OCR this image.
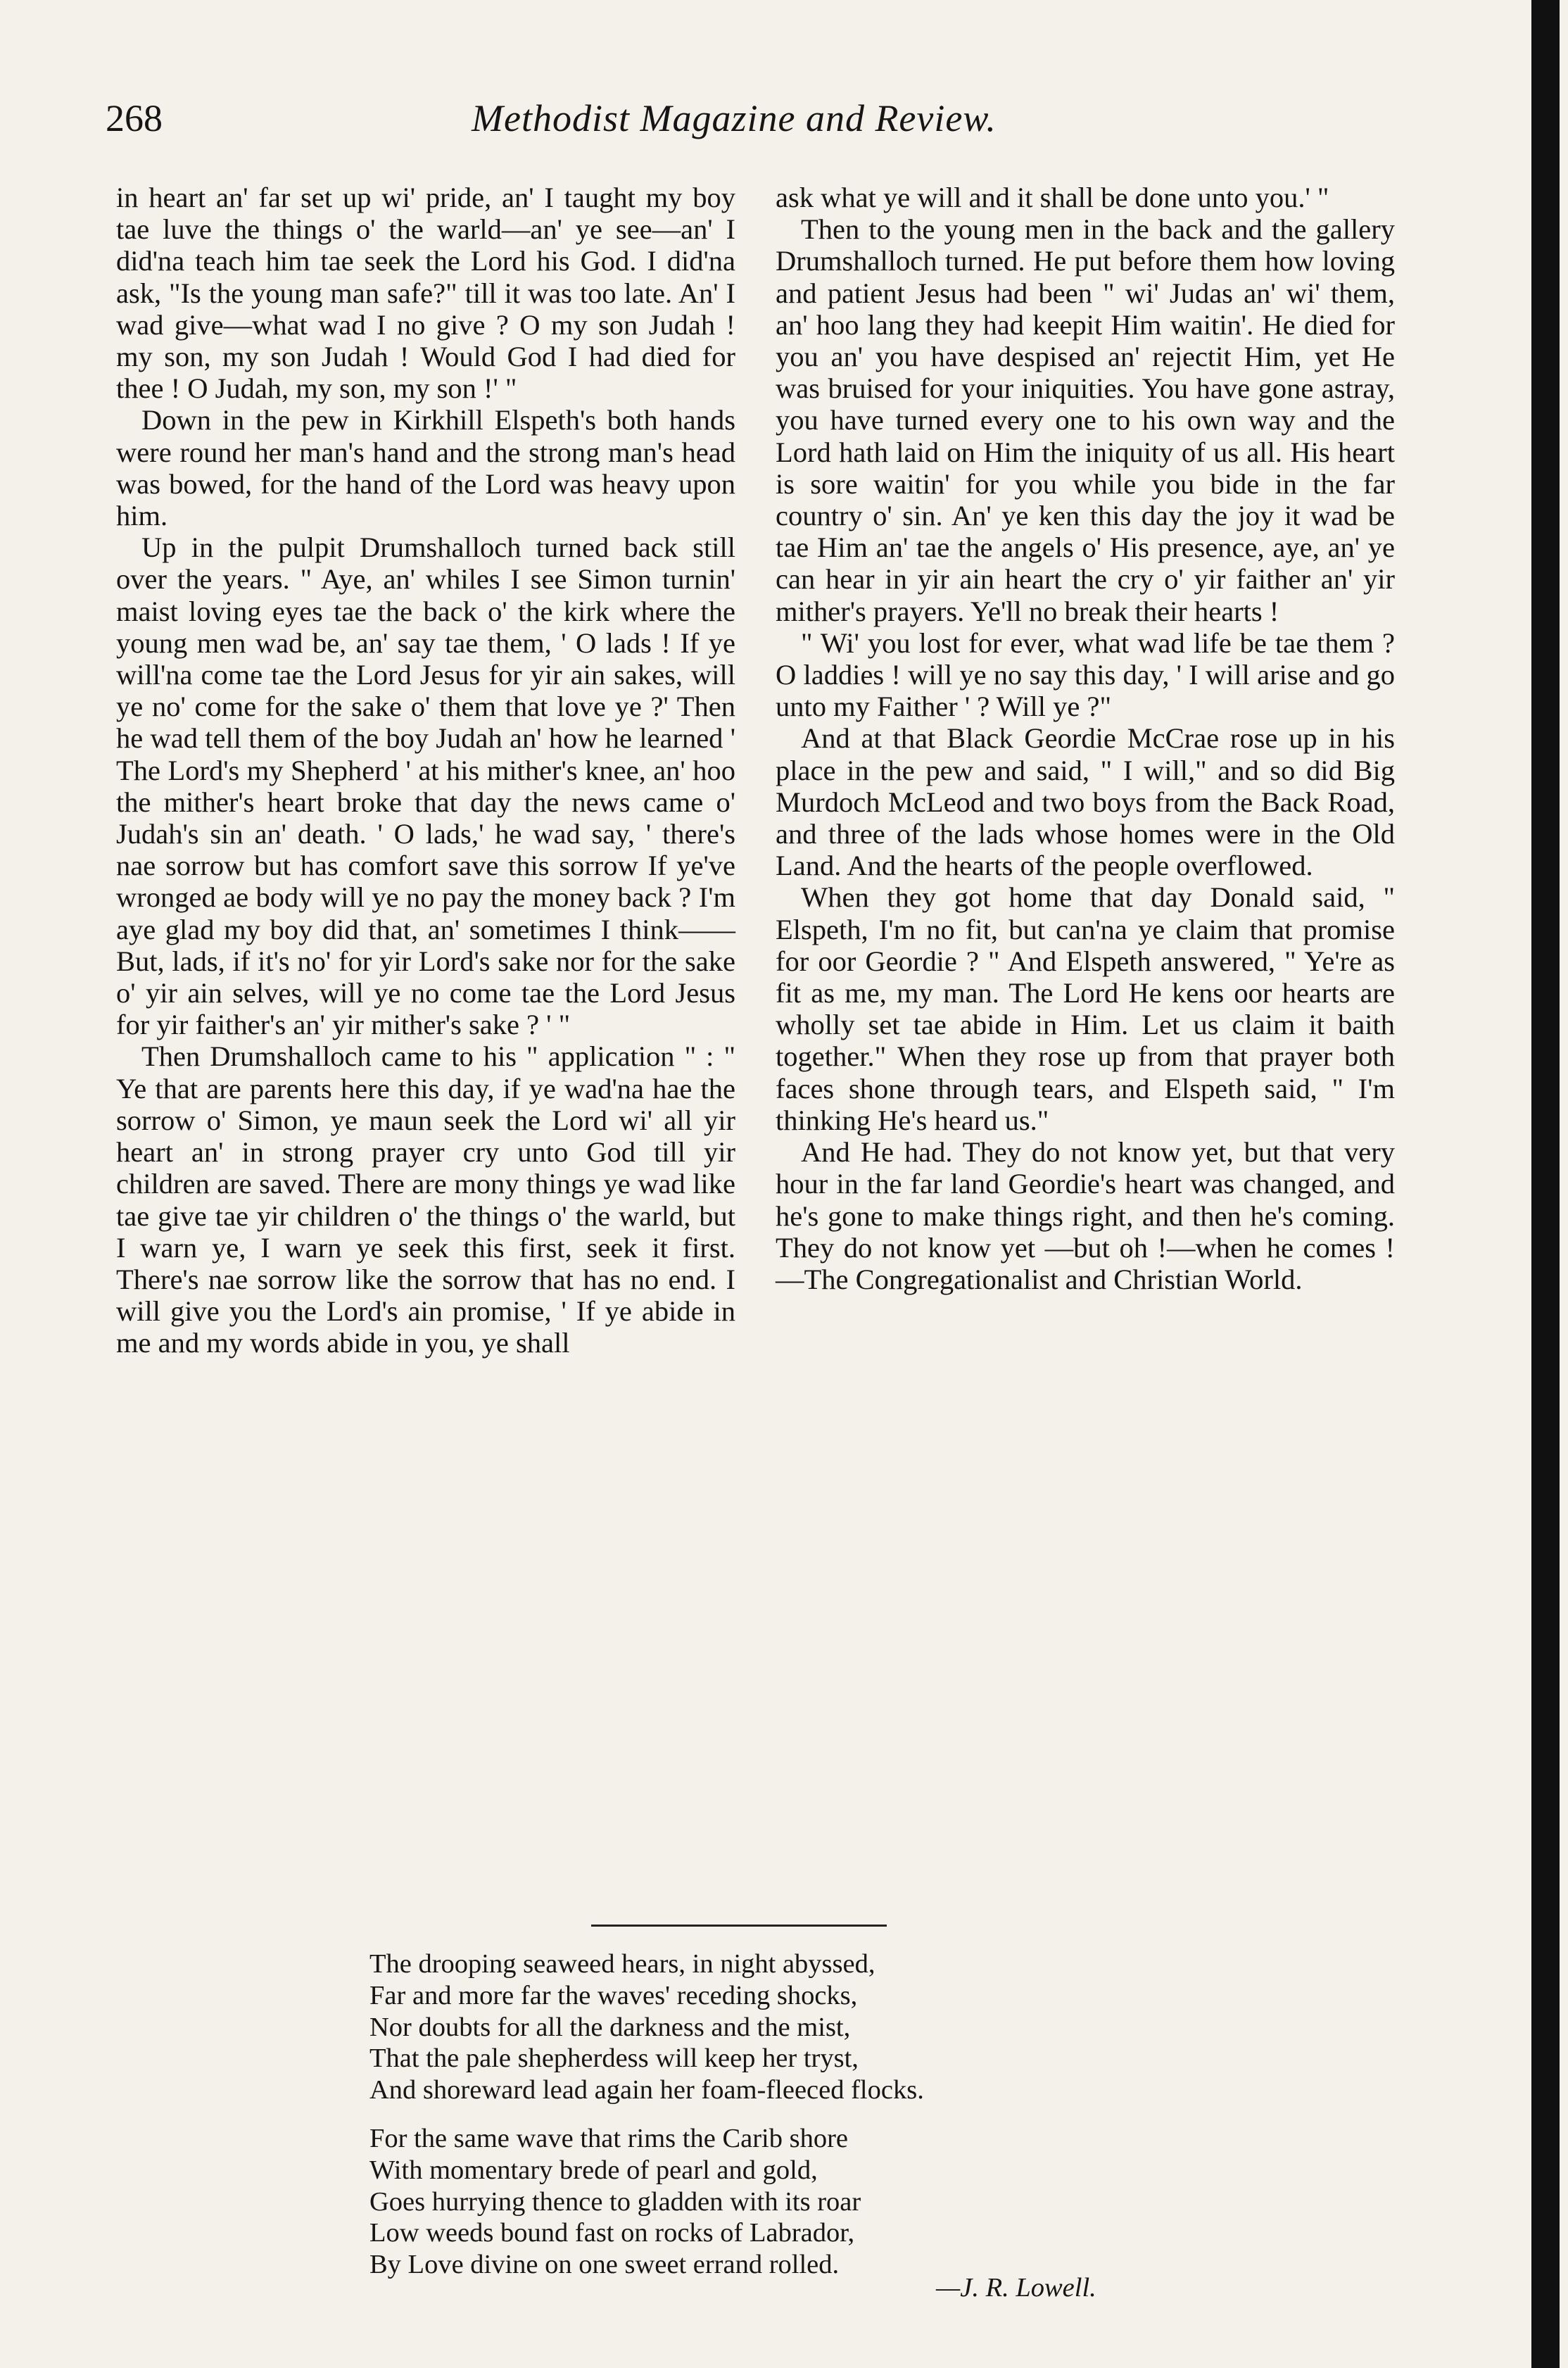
268	Methodist Magazine and Review.

in heart an' far set up wi' pride, an' I taught my boy tae luve the things o' the warld—an' ye see—an' I did'na teach him tae seek the Lord his God. I did'na ask, "Is the young man safe?" till it was too late. An' I wad give—what wad I no give ? O my son Judah ! my son, my son Judah ! Would God I had died for thee ! O Judah, my son, my son !' "

Down in the pew in Kirkhill Elspeth's both hands were round her man's hand and the strong man's head was bowed, for the hand of the Lord was heavy upon him.

Up in the pulpit Drumshalloch turned back still over the years. " Aye, an' whiles I see Simon turnin' maist loving eyes tae the back o' the kirk where the young men wad be, an' say tae them, ' O lads ! If ye will'na come tae the Lord Jesus for yir ain sakes, will ye no' come for the sake o' them that love ye ?' Then he wad tell them of the boy Judah an' how he learned ' The Lord's my Shepherd ' at his mither's knee, an' hoo the mither's heart broke that day the news came o' Judah's sin an' death. ' O lads,' he wad say, ' there's nae sorrow but has comfort save this sorrow If ye've wronged ae body will ye no pay the money back ? I'm aye glad my boy did that, an' sometimes I think——But, lads, if it's no' for yir Lord's sake nor for the sake o' yir ain selves, will ye no come tae the Lord Jesus for yir faither's an' yir mither's sake ? ' "

Then Drumshalloch came to his " application " : " Ye that are parents here this day, if ye wad'na hae the sorrow o' Simon, ye maun seek the Lord wi' all yir heart an' in strong prayer cry unto God till yir children are saved. There are mony things ye wad like tae give tae yir children o' the things o' the warld, but I warn ye, I warn ye seek this first, seek it first. There's nae sorrow like the sorrow that has no end. I will give you the Lord's ain promise, ' If ye abide in me and my words abide in you, ye shall

ask what ye will and it shall be done unto you.' "

Then to the young men in the back and the gallery Drumshalloch turned. He put before them how loving and patient Jesus had been " wi' Judas an' wi' them, an' hoo lang they had keepit Him waitin'. He died for you an' you have despised an' rejectit Him, yet He was bruised for your iniquities. You have gone astray, you have turned every one to his own way and the Lord hath laid on Him the iniquity of us all. His heart is sore waitin' for you while you bide in the far country o' sin. An' ye ken this day the joy it wad be tae Him an' tae the angels o' His presence, aye, an' ye can hear in yir ain heart the cry o' yir faither an' yir mither's prayers. Ye'll no break their hearts !

" Wi' you lost for ever, what wad life be tae them ? O laddies ! will ye no say this day, ' I will arise and go unto my Faither ' ? Will ye ?"

And at that Black Geordie McCrae rose up in his place in the pew and said, " I will," and so did Big Murdoch McLeod and two boys from the Back Road, and three of the lads whose homes were in the Old Land. And the hearts of the people overflowed.

When they got home that day Donald said, " Elspeth, I'm no fit, but can'na ye claim that promise for oor Geordie ? " And Elspeth answered, " Ye're as fit as me, my man. The Lord He kens oor hearts are wholly set tae abide in Him. Let us claim it baith together." When they rose up from that prayer both faces shone through tears, and Elspeth said, " I'm thinking He's heard us."

And He had. They do not know yet, but that very hour in the far land Geordie's heart was changed, and he's gone to make things right, and then he's coming. They do not know yet —but oh !—when he comes !—The Congregationalist and Christian World.

The drooping seaweed hears, in night abyssed,
Far and more far the waves' receding shocks,
Nor doubts for all the darkness and the mist,
That the pale shepherdess will keep her tryst,
And shoreward lead again her foam-fleeced flocks.
For the same wave that rims the Carib shore
With momentary brede of pearl and gold,
Goes hurrying thence to gladden with its roar
Low weeds bound fast on rocks of Labrador,
By Love divine on one sweet errand rolled.
—J. R. Lowell.
